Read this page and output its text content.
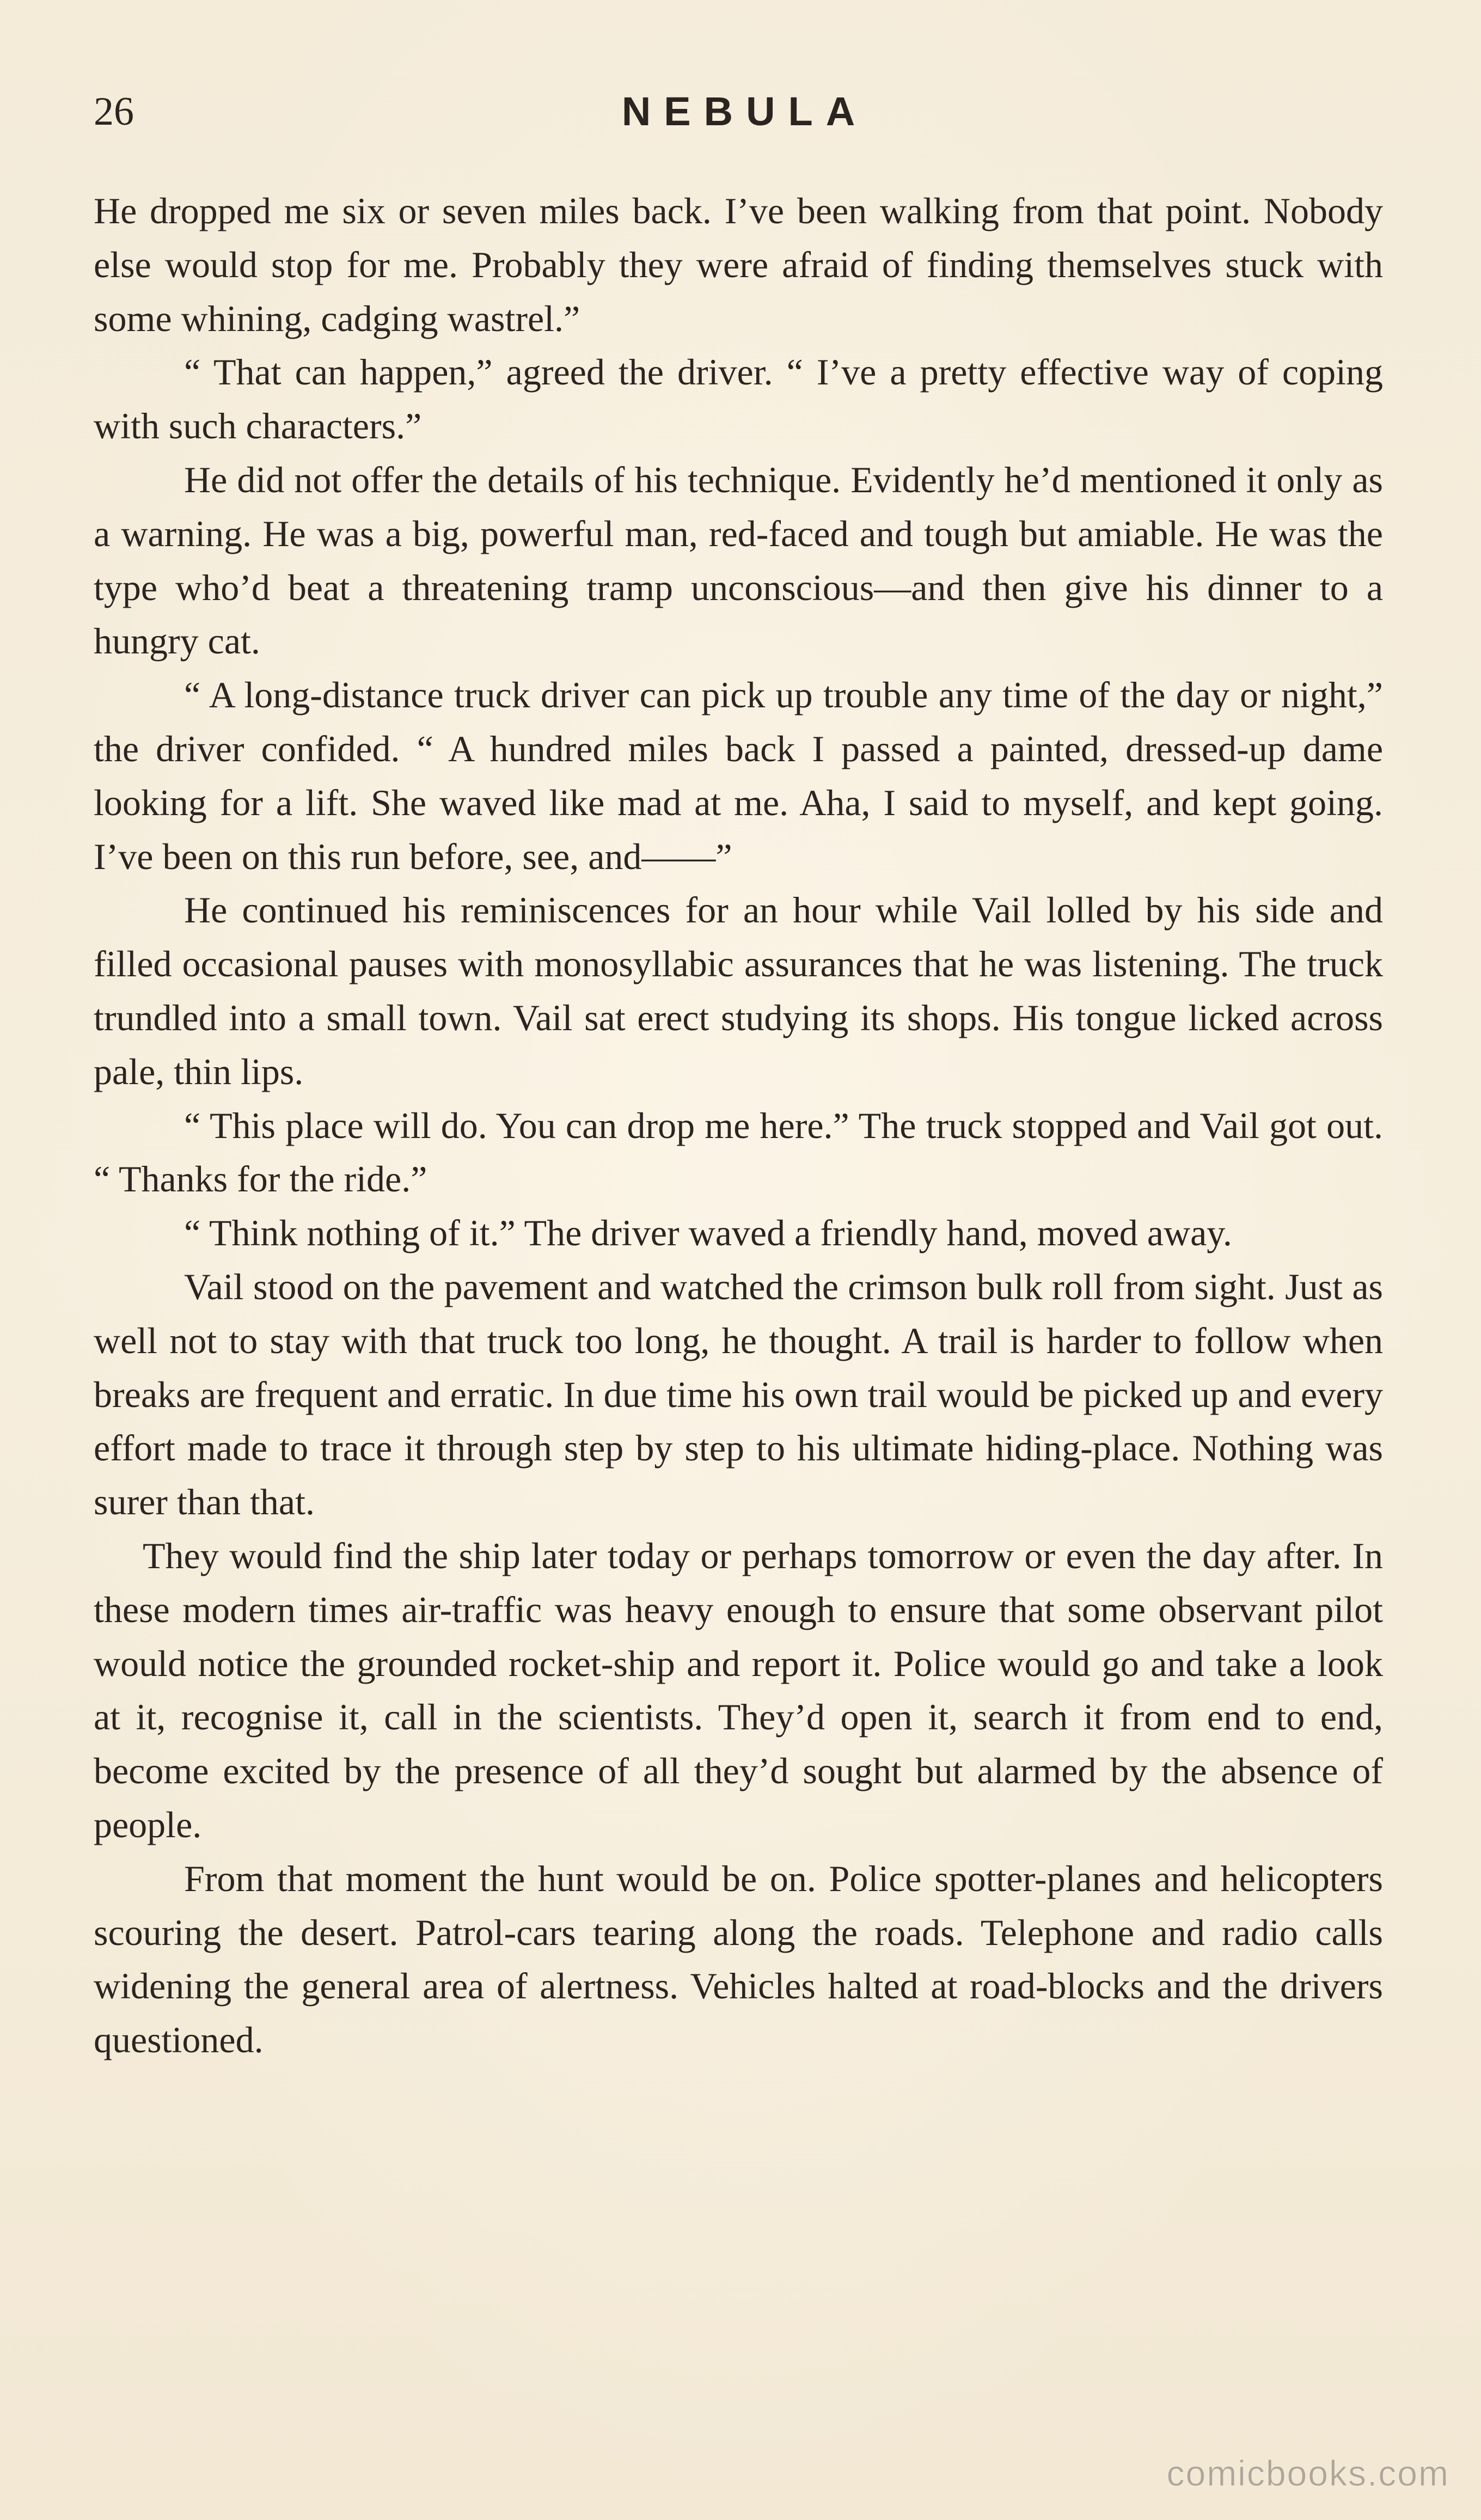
26	NEBULA

He dropped me six or seven miles back. I’ve been walking from that point. Nobody else would stop for me. Probably they were afraid of finding themselves stuck with some whining, cadging wastrel.”

“ That can happen,” agreed the driver. “ I’ve a pretty effective way of coping with such characters.”

He did not offer the details of his technique. Evidently he’d mentioned it only as a warning. He was a big, powerful man, red-faced and tough but amiable. He was the type who’d beat a threatening tramp unconscious—and then give his dinner to a hungry cat.

“ A long-distance truck driver can pick up trouble any time of the day or night,” the driver confided. “ A hundred miles back I passed a painted, dressed-up dame looking for a lift. She waved like mad at me. Aha, I said to myself, and kept going. I’ve been on this run before, see, and——”

He continued his reminiscences for an hour while Vail lolled by his side and filled occasional pauses with monosyllabic assurances that he was listening. The truck trundled into a small town. Vail sat erect studying its shops. His tongue licked across pale, thin lips.

“ This place will do. You can drop me here.” The truck stopped and Vail got out. “ Thanks for the ride.”

“ Think nothing of it.” The driver waved a friendly hand, moved away.

Vail stood on the pavement and watched the crimson bulk roll from sight. Just as well not to stay with that truck too long, he thought. A trail is harder to follow when breaks are frequent and erratic. In due time his own trail would be picked up and every effort made to trace it through step by step to his ultimate hiding-place. Nothing was surer than that.

They would find the ship later today or perhaps tomorrow or even the day after. In these modern times air-traffic was heavy enough to ensure that some observant pilot would notice the grounded rocket-ship and report it. Police would go and take a look at it, recognise it, call in the scientists. They’d open it, search it from end to end, become excited by the presence of all they’d sought but alarmed by the absence of people.

From that moment the hunt would be on. Police spotter-planes and helicopters scouring the desert. Patrol-cars tearing along the roads. Telephone and radio calls widening the general area of alertness. Vehicles halted at road-blocks and the drivers questioned.

comicbooks.com
